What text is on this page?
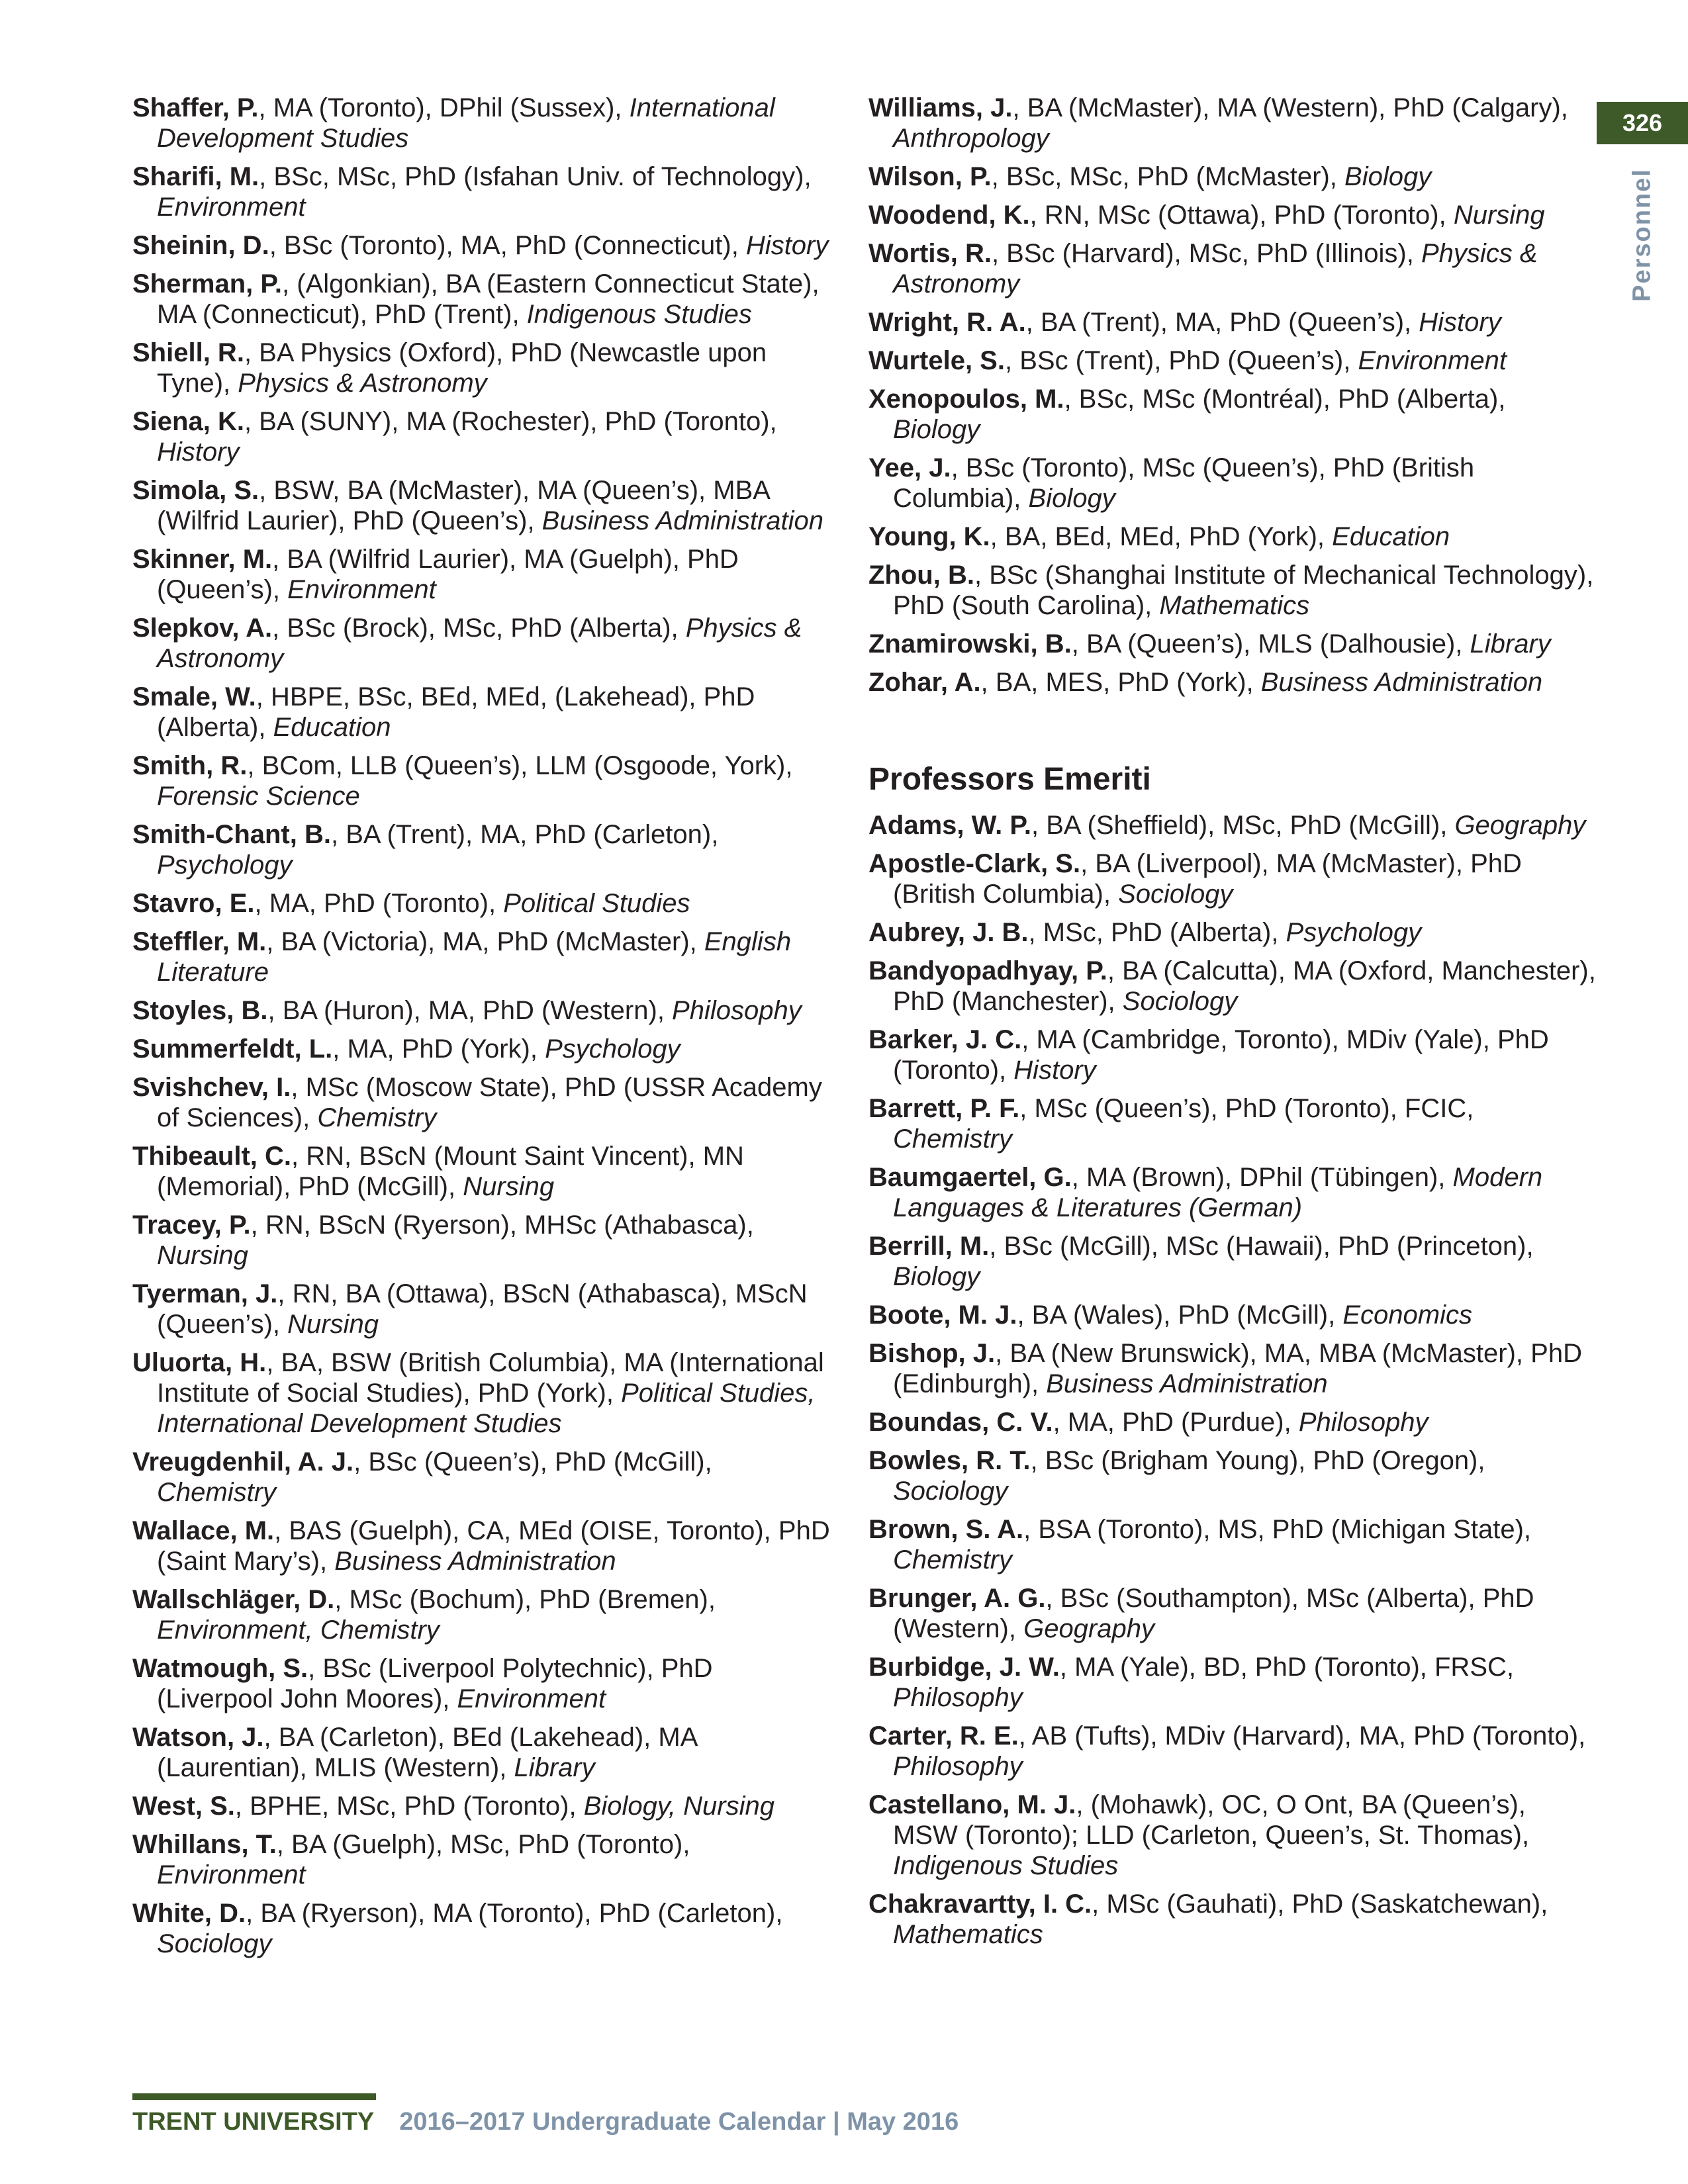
Shaffer, P., MA (Toronto), DPhil (Sussex), International Development Studies

Sharifi, M., BSc, MSc, PhD (Isfahan Univ. of Technology), Environment

Sheinin, D., BSc (Toronto), MA, PhD (Connecticut), History

Sherman, P., (Algonkian), BA (Eastern Connecticut State), MA (Connecticut), PhD (Trent), Indigenous Studies

Shiell, R., BA Physics (Oxford), PhD (Newcastle upon Tyne), Physics & Astronomy

Siena, K., BA (SUNY), MA (Rochester), PhD (Toronto), History

Simola, S., BSW, BA (McMaster), MA (Queen’s), MBA (Wilfrid Laurier), PhD (Queen’s), Business Administration

Skinner, M., BA (Wilfrid Laurier), MA (Guelph), PhD (Queen’s), Environment

Slepkov, A., BSc (Brock), MSc, PhD (Alberta), Physics & Astronomy

Smale, W., HBPE, BSc, BEd, MEd, (Lakehead), PhD (Alberta), Education

Smith, R., BCom, LLB (Queen’s), LLM (Osgoode, York), Forensic Science

Smith-Chant, B., BA (Trent), MA, PhD (Carleton), Psychology

Stavro, E., MA, PhD (Toronto), Political Studies

Steffler, M., BA (Victoria), MA, PhD (McMaster), English Literature

Stoyles, B., BA (Huron), MA, PhD (Western), Philosophy

Summerfeldt, L., MA, PhD (York), Psychology

Svishchev, I., MSc (Moscow State), PhD (USSR Academy of Sciences), Chemistry

Thibeault, C., RN, BScN (Mount Saint Vincent), MN (Memorial), PhD (McGill), Nursing

Tracey, P., RN, BScN (Ryerson), MHSc (Athabasca), Nursing

Tyerman, J., RN, BA (Ottawa), BScN (Athabasca), MScN (Queen’s), Nursing

Uluorta, H., BA, BSW (British Columbia), MA (International Institute of Social Studies), PhD (York), Political Studies, International Development Studies

Vreugdenhil, A. J., BSc (Queen’s), PhD (McGill), Chemistry

Wallace, M., BAS (Guelph), CA, MEd (OISE, Toronto), PhD (Saint Mary’s), Business Administration

Wallschläger, D., MSc (Bochum), PhD (Bremen), Environment, Chemistry

Watmough, S., BSc (Liverpool Polytechnic), PhD (Liverpool John Moores), Environment

Watson, J., BA (Carleton), BEd (Lakehead), MA (Laurentian), MLIS (Western), Library

West, S., BPHE, MSc, PhD (Toronto), Biology, Nursing

Whillans, T., BA (Guelph), MSc, PhD (Toronto), Environment

White, D., BA (Ryerson), MA (Toronto), PhD (Carleton), Sociology

Williams, J., BA (McMaster), MA (Western), PhD (Calgary), Anthropology

Wilson, P., BSc, MSc, PhD (McMaster), Biology

Woodend, K., RN, MSc (Ottawa), PhD (Toronto), Nursing

Wortis, R., BSc (Harvard), MSc, PhD (Illinois), Physics & Astronomy

Wright, R. A., BA (Trent), MA, PhD (Queen’s), History

Wurtele, S., BSc (Trent), PhD (Queen’s), Environment

Xenopoulos, M., BSc, MSc (Montréal), PhD (Alberta), Biology

Yee, J., BSc (Toronto), MSc (Queen’s), PhD (British Columbia), Biology

Young, K., BA, BEd, MEd, PhD (York), Education

Zhou, B., BSc (Shanghai Institute of Mechanical Technology), PhD (South Carolina), Mathematics

Znamirowski, B., BA (Queen’s), MLS (Dalhousie), Library

Zohar, A., BA, MES, PhD (York), Business Administration

Professors Emeriti

Adams, W. P., BA (Sheffield), MSc, PhD (McGill), Geography

Apostle-Clark, S., BA (Liverpool), MA (McMaster), PhD (British Columbia), Sociology

Aubrey, J. B., MSc, PhD (Alberta), Psychology

Bandyopadhyay, P., BA (Calcutta), MA (Oxford, Manchester), PhD (Manchester), Sociology

Barker, J. C., MA (Cambridge, Toronto), MDiv (Yale), PhD (Toronto), History

Barrett, P. F., MSc (Queen’s), PhD (Toronto), FCIC, Chemistry

Baumgaertel, G., MA (Brown), DPhil (Tübingen), Modern Languages & Literatures (German)

Berrill, M., BSc (McGill), MSc (Hawaii), PhD (Princeton), Biology

Boote, M. J., BA (Wales), PhD (McGill), Economics

Bishop, J., BA (New Brunswick), MA, MBA (McMaster), PhD (Edinburgh), Business Administration

Boundas, C. V., MA, PhD (Purdue), Philosophy

Bowles, R. T., BSc (Brigham Young), PhD (Oregon), Sociology

Brown, S. A., BSA (Toronto), MS, PhD (Michigan State), Chemistry

Brunger, A. G., BSc (Southampton), MSc (Alberta), PhD (Western), Geography

Burbidge, J. W., MA (Yale), BD, PhD (Toronto), FRSC, Philosophy

Carter, R. E., AB (Tufts), MDiv (Harvard), MA, PhD (Toronto), Philosophy

Castellano, M. J., (Mohawk), OC, O Ont, BA (Queen’s), MSW (Toronto); LLD (Carleton, Queen’s, St. Thomas), Indigenous Studies

Chakravartty, I. C., MSc (Gauhati), PhD (Saskatchewan), Mathematics

326
Personnel
TRENT UNIVERSITY 2016–2017 Undergraduate Calendar | May 2016
